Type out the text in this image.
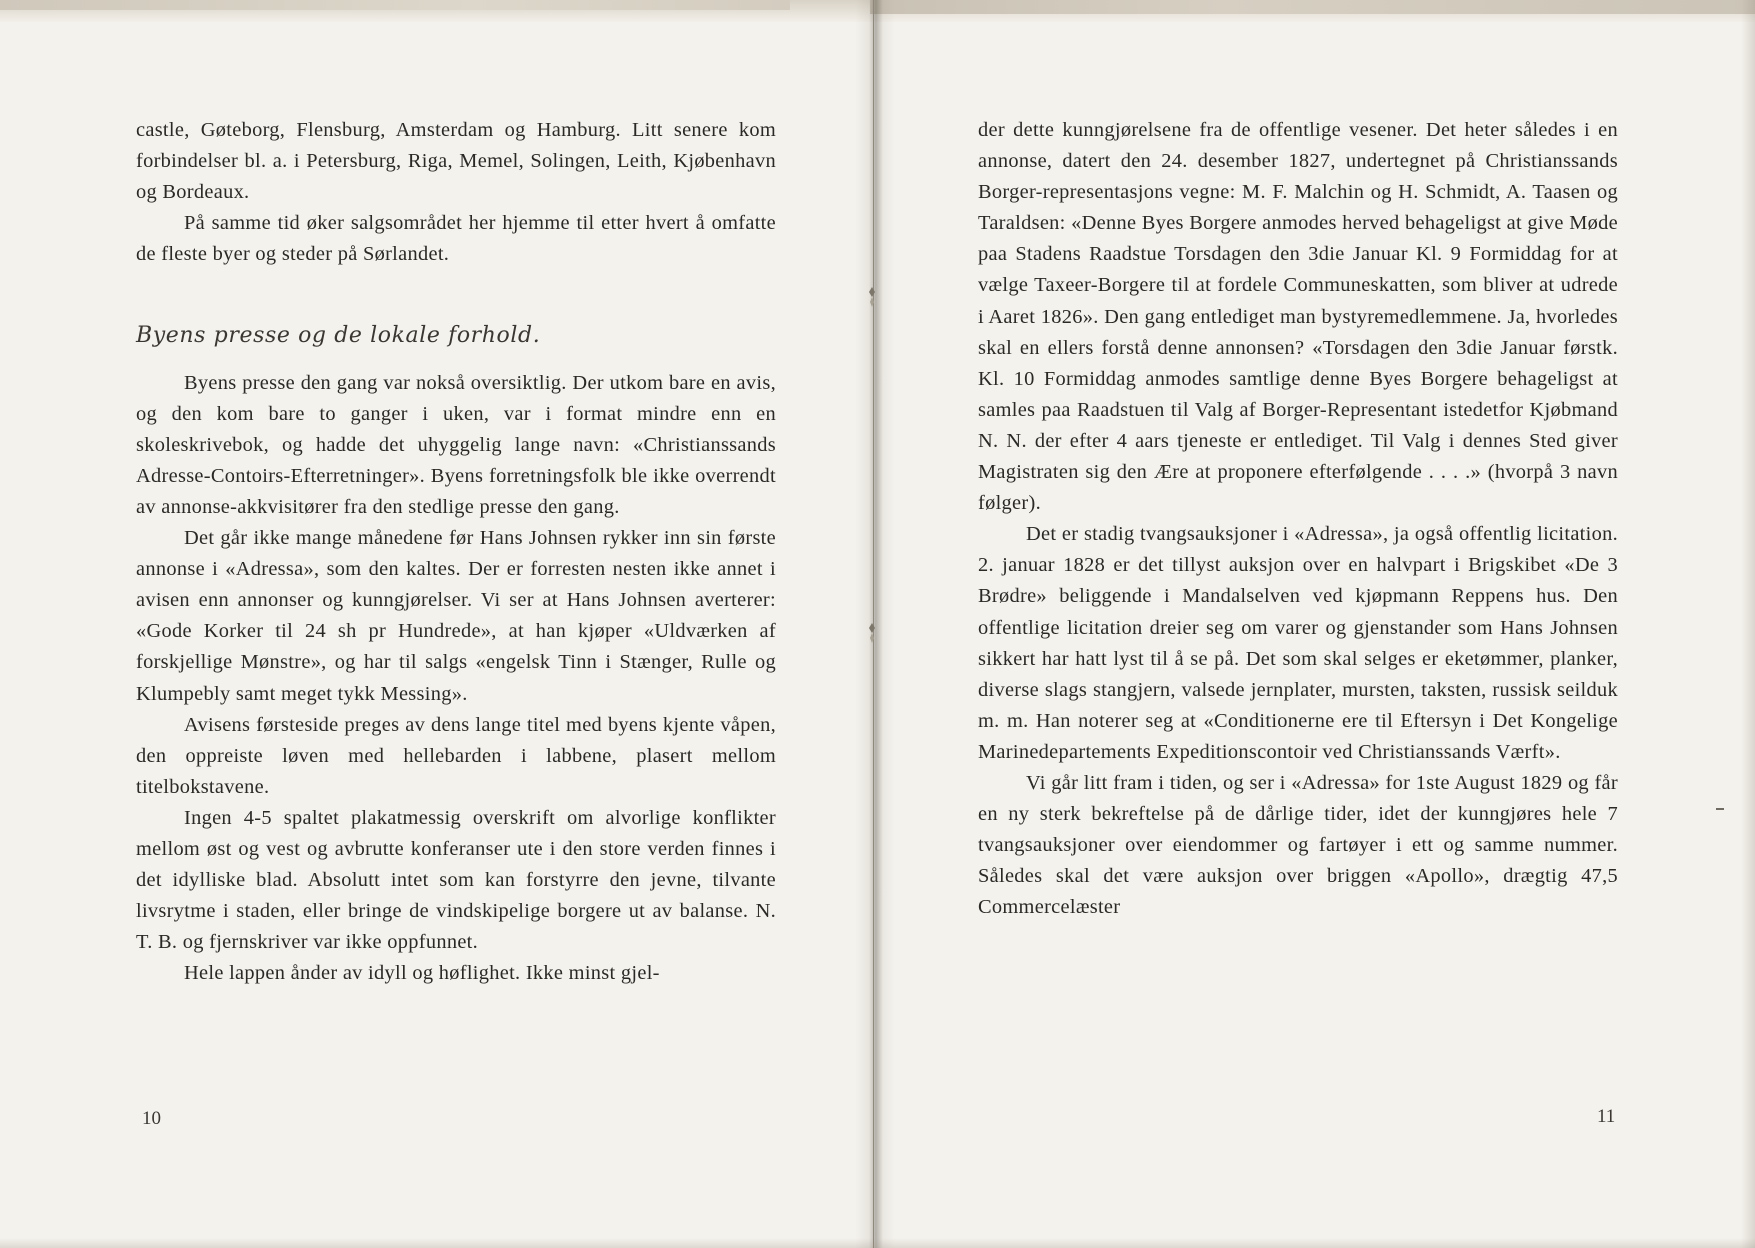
castle, Gøteborg, Flensburg, Amsterdam og Hamburg. Litt senere kom forbindelser bl. a. i Petersburg, Riga, Memel, Solingen, Leith, Kjøbenhavn og Bordeaux.

På samme tid øker salgsområdet her hjemme til etter hvert å omfatte de fleste byer og steder på Sørlandet.

Byens presse og de lokale forhold.

Byens presse den gang var nokså oversiktlig. Der utkom bare en avis, og den kom bare to ganger i uken, var i format mindre enn en skoleskrivebok, og hadde det uhyggelig lange navn: «Christianssands Adresse-Contoirs-Efterretninger». Byens forretningsfolk ble ikke overrendt av annonse-akkvisitører fra den stedlige presse den gang.

Det går ikke mange månedene før Hans Johnsen rykker inn sin første annonse i «Adressa», som den kaltes. Der er forresten nesten ikke annet i avisen enn annonser og kunngjørelser. Vi ser at Hans Johnsen averterer: «Gode Korker til 24 sh pr Hundrede», at han kjøper «Uldværken af forskjellige Mønstre», og har til salgs «engelsk Tinn i Stænger, Rulle og Klumpebly samt meget tykk Messing».

Avisens førsteside preges av dens lange titel med byens kjente våpen, den oppreiste løven med hellebarden i labbene, plasert mellom titelbokstavene.

Ingen 4-5 spaltet plakatmessig overskrift om alvorlige konflikter mellom øst og vest og avbrutte konferanser ute i den store verden finnes i det idylliske blad. Absolutt intet som kan forstyrre den jevne, tilvante livsrytme i staden, eller bringe de vindskipelige borgere ut av balanse. N. T. B. og fjernskriver var ikke oppfunnet.

Hele lappen ånder av idyll og høflighet. Ikke minst gjel-

der dette kunngjørelsene fra de offentlige vesener. Det heter således i en annonse, datert den 24. desember 1827, undertegnet på Christianssands Borger-representasjons vegne: M. F. Malchin og H. Schmidt, A. Taasen og Taraldsen: «Denne Byes Borgere anmodes herved behageligst at give Møde paa Stadens Raadstue Torsdagen den 3die Januar Kl. 9 Formiddag for at vælge Taxeer-Borgere til at fordele Communeskatten, som bliver at udrede i Aaret 1826». Den gang entlediget man bystyremedlemmene. Ja, hvorledes skal en ellers forstå denne annonsen? «Torsdagen den 3die Januar førstk. Kl. 10 Formiddag anmodes samtlige denne Byes Borgere behageligst at samles paa Raadstuen til Valg af Borger-Representant istedetfor Kjøbmand N. N. der efter 4 aars tjeneste er entlediget. Til Valg i dennes Sted giver Magistraten sig den Ære at proponere efterfølgende . . . .» (hvorpå 3 navn følger).

Det er stadig tvangsauksjoner i «Adressa», ja også offentlig licitation. 2. januar 1828 er det tillyst auksjon over en halvpart i Brigskibet «De 3 Brødre» beliggende i Mandalselven ved kjøpmann Reppens hus. Den offentlige licitation dreier seg om varer og gjenstander som Hans Johnsen sikkert har hatt lyst til å se på. Det som skal selges er eketømmer, planker, diverse slags stangjern, valsede jernplater, mursten, taksten, russisk seilduk m. m. Han noterer seg at «Conditionerne ere til Eftersyn i Det Kongelige Marinedepartements Expeditionscontoir ved Christianssands Værft».

Vi går litt fram i tiden, og ser i «Adressa» for 1ste August 1829 og får en ny sterk bekreftelse på de dårlige tider, idet der kunngjøres hele 7 tvangsauksjoner over eiendommer og fartøyer i ett og samme nummer. Således skal det være auksjon over briggen «Apollo», drægtig 47,5 Commercelæster

10	11
